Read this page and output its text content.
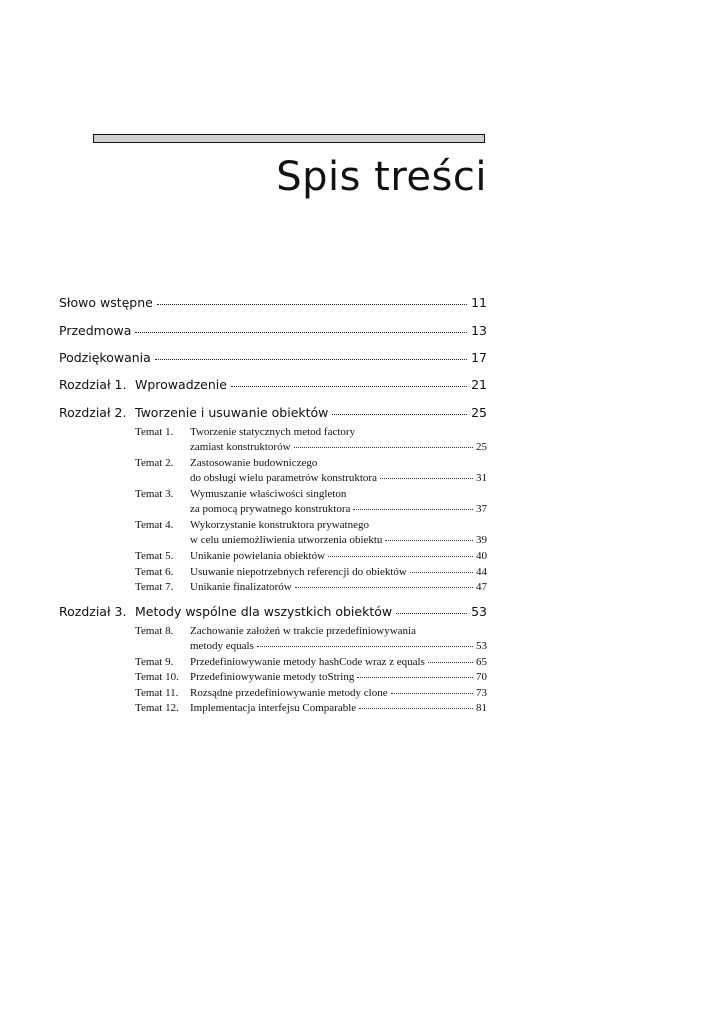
Spis treści
Słowo wstępne	11
Przedmowa	13
Podziękowania	17
Rozdział 1. Wprowadzenie	21
Rozdział 2. Tworzenie i usuwanie obiektów	25
Temat 1.	Tworzenie statycznych metod factory
zamiast konstruktorów	25
Temat 2.	Zastosowanie budowniczego
do obsługi wielu parametrów konstruktora	31
Temat 3.	Wymuszanie właściwości singleton
za pomocą prywatnego konstruktora	37
Temat 4.	Wykorzystanie konstruktora prywatnego
w celu uniemożliwienia utworzenia obiektu	39
Temat 5.	Unikanie powielania obiektów	40
Temat 6.	Usuwanie niepotrzebnych referencji do obiektów	44
Temat 7.	Unikanie finalizatorów	47
Rozdział 3. Metody wspólne dla wszystkich obiektów	53
Temat 8.	Zachowanie założeń w trakcie przedefiniowywania
metody equals	53
Temat 9.	Przedefiniowywanie metody hashCode wraz z equals	65
Temat 10.	Przedefiniowywanie metody toString	70
Temat 11.	Rozsądne przedefiniowywanie metody clone	73
Temat 12.	Implementacja interfejsu Comparable	81
